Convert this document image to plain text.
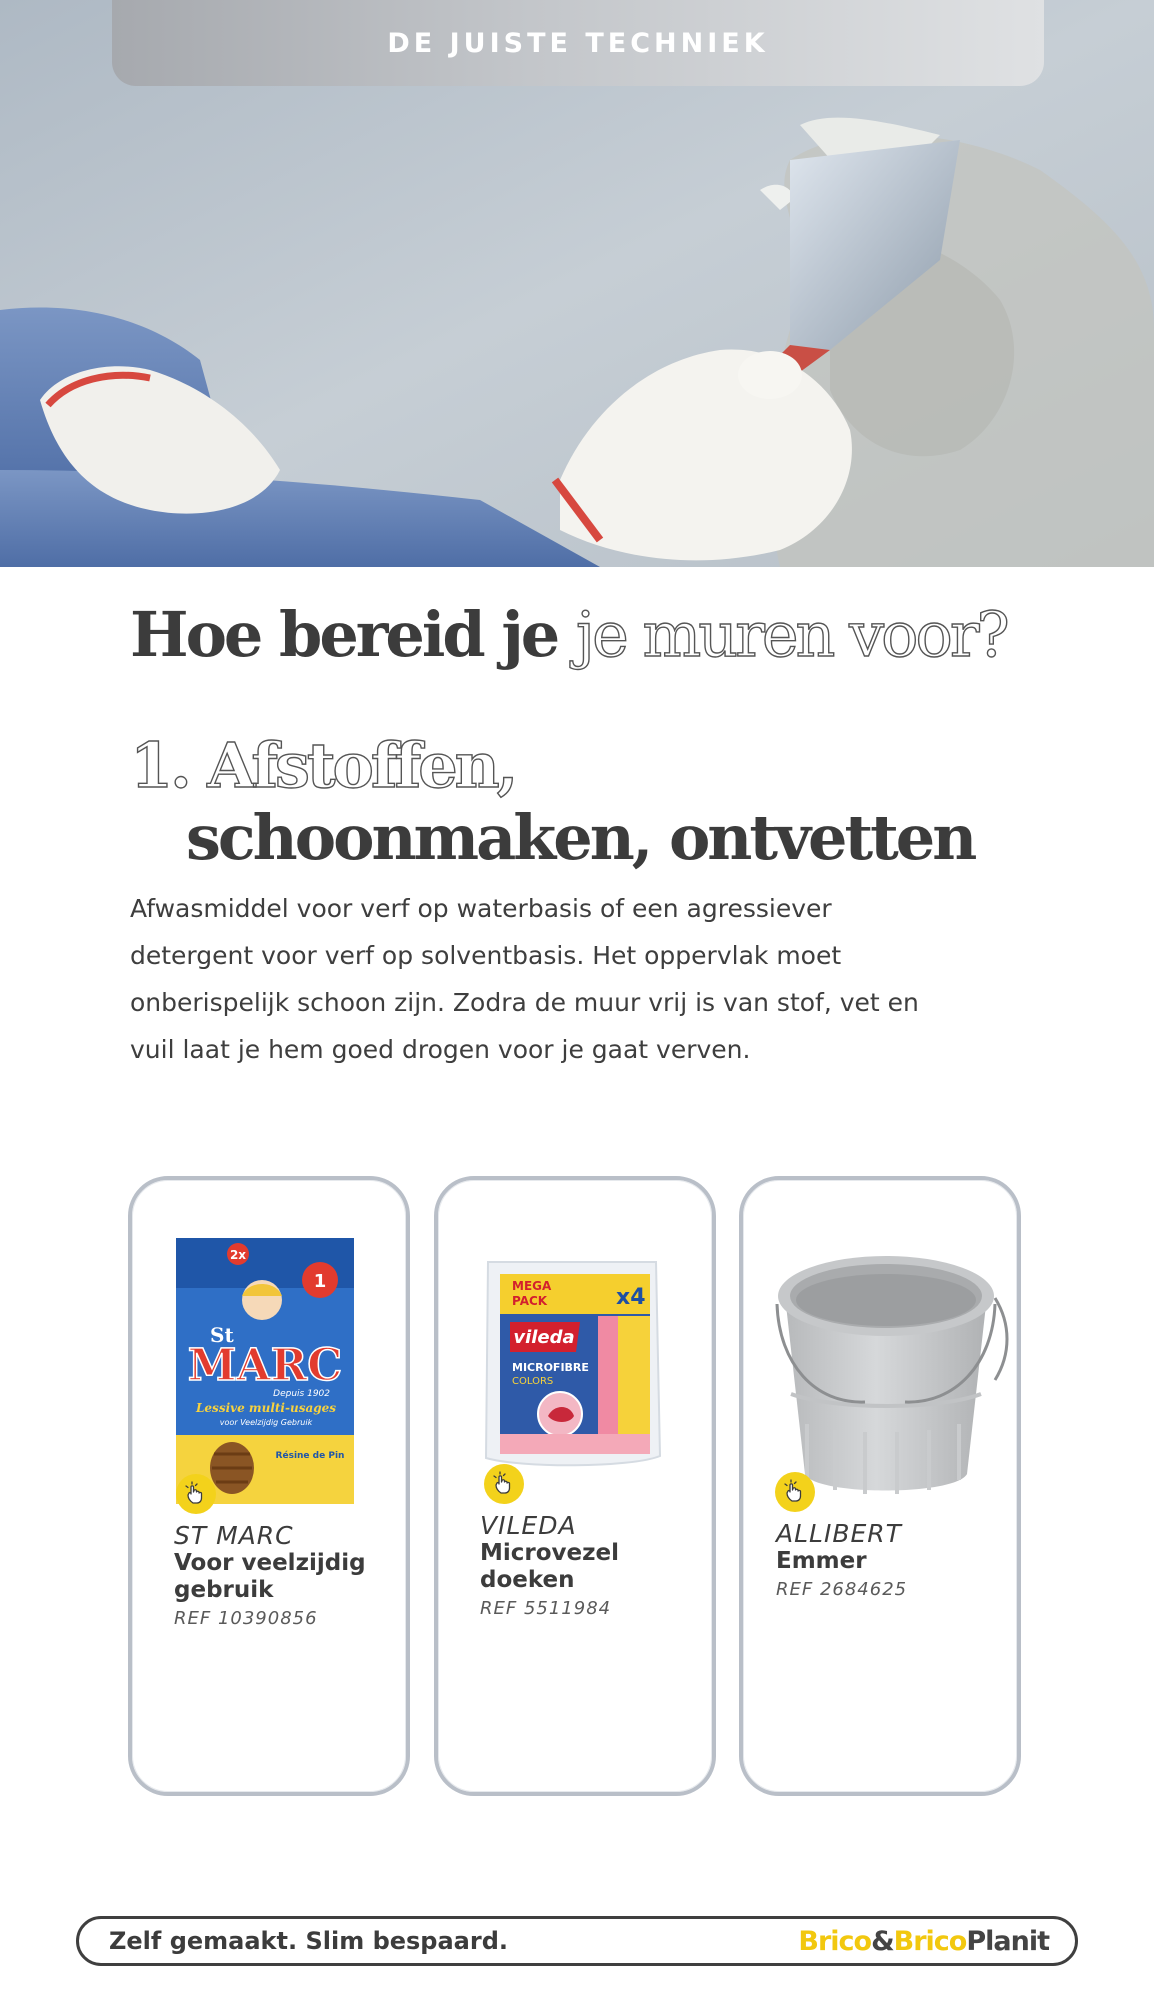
DE JUISTE TECHNIEK
Hoe bereid je je muren voor?
1. Afstoffen,
schoonmaken, ontvetten

Afwasmiddel voor verf op waterbasis of een agressiever detergent voor verf op solventbasis. Het oppervlak moet onberispelijk schoon zijn. Zodra de muur vrij is van stof, vet en vuil laat je hem goed drogen voor je gaat verven.

2x
1
St
MARC
Depuis 1902
Lessive multi-usages
voor Veelzijdig Gebruik
Résine de Pin
ST MARC
Voor veelzijdig gebruik
REF 10390856
MEGA
PACK	x4
vileda
MICROFIBRE
COLORS
VILEDA
Microvezel doeken
REF 5511984
ALLIBERT
Emmer
REF 2684625
Zelf gemaakt. Slim bespaard.	Brico & Brico Planit
